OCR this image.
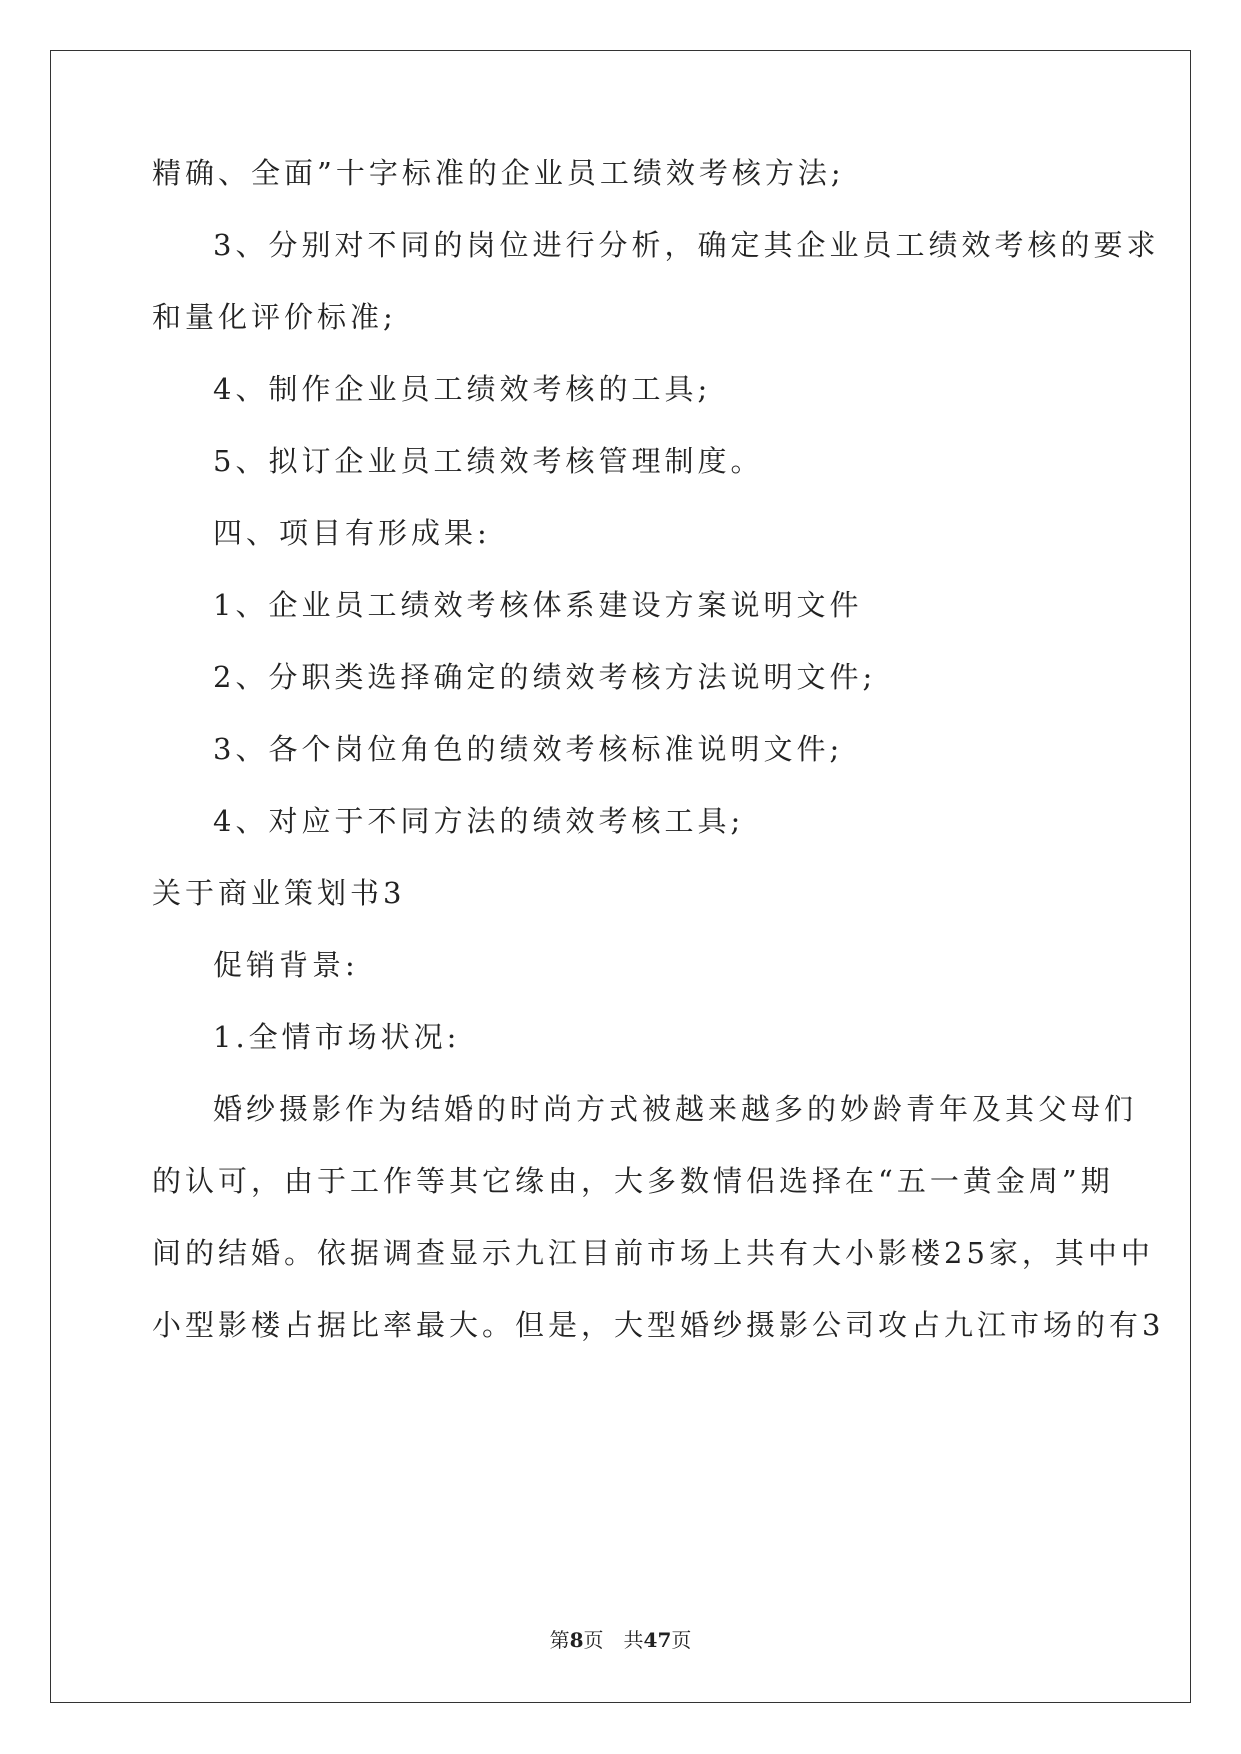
精确、全面”十字标准的企业员工绩效考核方法;
3、分别对不同的岗位进行分析，确定其企业员工绩效考核的要求
和量化评价标准;
4、制作企业员工绩效考核的工具;
5、拟订企业员工绩效考核管理制度。
四、项目有形成果:
1、企业员工绩效考核体系建设方案说明文件
2、分职类选择确定的绩效考核方法说明文件;
3、各个岗位角色的绩效考核标准说明文件;
4、对应于不同方法的绩效考核工具;
关于商业策划书3
促销背景:
1.全情市场状况:
婚纱摄影作为结婚的时尚方式被越来越多的妙龄青年及其父母们
的认可，由于工作等其它缘由，大多数情侣选择在“五一黄金周”期
间的结婚。依据调查显示九江目前市场上共有大小影楼25家，其中中
小型影楼占据比率最大。但是，大型婚纱摄影公司攻占九江市场的有3
第8页 共47页
